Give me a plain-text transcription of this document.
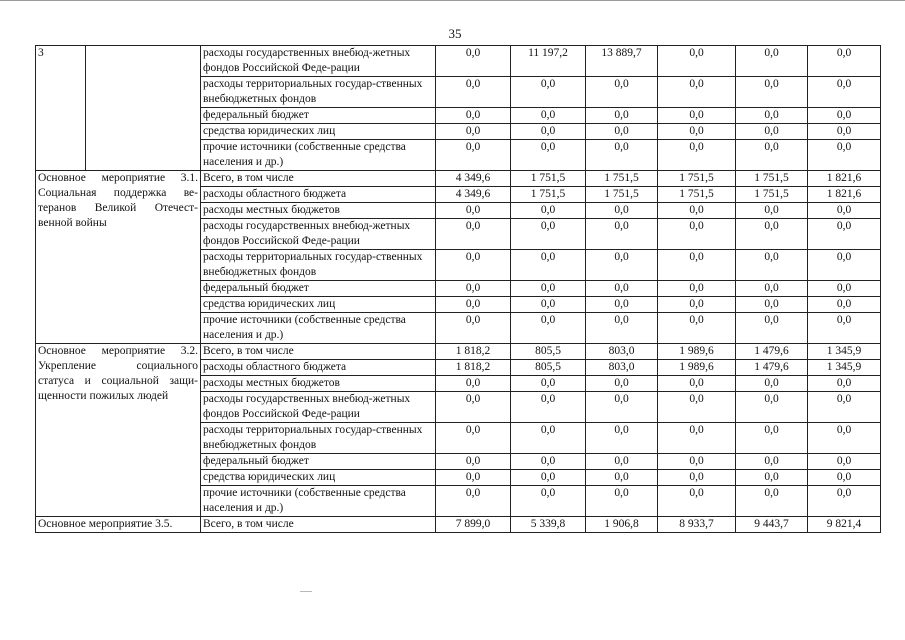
35
3		расходы государственных внебюд-жетных фондов Российской Феде-рации	0,0	11 197,2	13 889,7	0,0	0,0	0,0
		расходы территориальных государ-ственных внебюджетных фондов	0,0	0,0	0,0	0,0	0,0	0,0
		федеральный бюджет	0,0	0,0	0,0	0,0	0,0	0,0
		средства юридических лиц	0,0	0,0	0,0	0,0	0,0	0,0
		прочие источники (собственные средства населения и др.)	0,0	0,0	0,0	0,0	0,0	0,0
Основное мероприятие 3.1. Социальная поддержка ве-теранов Великой Отечест-венной войны		Всего, в том числе	4 349,6	1 751,5	1 751,5	1 751,5	1 751,5	1 821,6
		расходы областного бюджета	4 349,6	1 751,5	1 751,5	1 751,5	1 751,5	1 821,6
		расходы местных бюджетов	0,0	0,0	0,0	0,0	0,0	0,0
		расходы государственных внебюд-жетных фондов Российской Феде-рации	0,0	0,0	0,0	0,0	0,0	0,0
		расходы территориальных государ-ственных внебюджетных фондов	0,0	0,0	0,0	0,0	0,0	0,0
		федеральный бюджет	0,0	0,0	0,0	0,0	0,0	0,0
		средства юридических лиц	0,0	0,0	0,0	0,0	0,0	0,0
		прочие источники (собственные средства населения и др.)	0,0	0,0	0,0	0,0	0,0	0,0
Основное мероприятие 3.2. Укрепление социального статуса и социальной защи-щенности пожилых людей		Всего, в том числе	1 818,2	805,5	803,0	1 989,6	1 479,6	1 345,9
		расходы областного бюджета	1 818,2	805,5	803,0	1 989,6	1 479,6	1 345,9
		расходы местных бюджетов	0,0	0,0	0,0	0,0	0,0	0,0
		расходы государственных внебюд-жетных фондов Российской Феде-рации	0,0	0,0	0,0	0,0	0,0	0,0
		расходы территориальных государ-ственных внебюджетных фондов	0,0	0,0	0,0	0,0	0,0	0,0
		федеральный бюджет	0,0	0,0	0,0	0,0	0,0	0,0
		средства юридических лиц	0,0	0,0	0,0	0,0	0,0	0,0
		прочие источники (собственные средства населения и др.)	0,0	0,0	0,0	0,0	0,0	0,0
Основное мероприятие 3.5.		Всего, в том числе	7 899,0	5 339,8	1 906,8	8 933,7	9 443,7	9 821,4
